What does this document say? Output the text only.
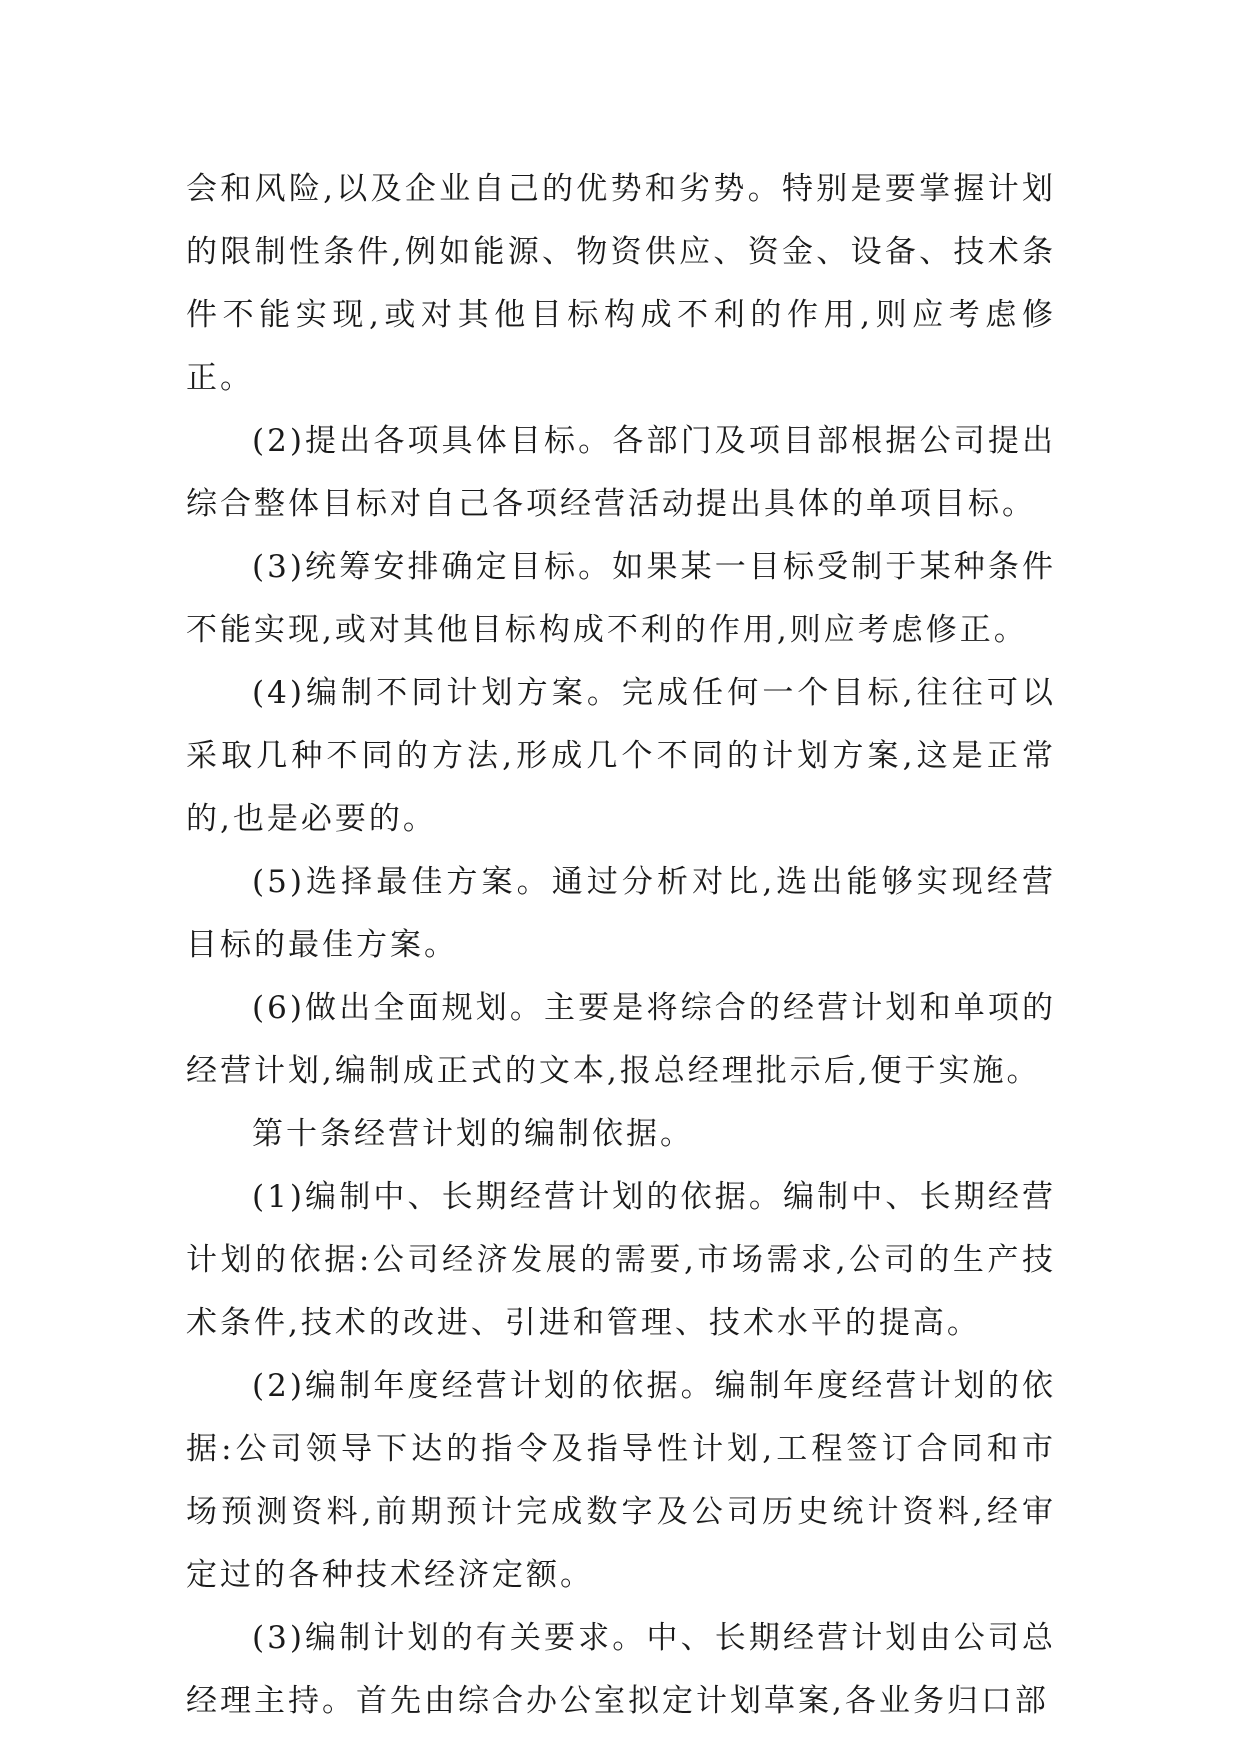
会和风险,以及企业自己的优势和劣势。特别是要掌握计划的限制性条件,例如能源、物资供应、资金、设备、技术条件不能实现,或对其他目标构成不利的作用,则应考虑修正。

(2)提出各项具体目标。各部门及项目部根据公司提出综合整体目标对自己各项经营活动提出具体的单项目标。

(3)统筹安排确定目标。如果某一目标受制于某种条件不能实现,或对其他目标构成不利的作用,则应考虑修正。

(4)编制不同计划方案。完成任何一个目标,往往可以采取几种不同的方法,形成几个不同的计划方案,这是正常的,也是必要的。

(5)选择最佳方案。通过分析对比,选出能够实现经营目标的最佳方案。

(6)做出全面规划。主要是将综合的经营计划和单项的经营计划,编制成正式的文本,报总经理批示后,便于实施。

第十条经营计划的编制依据。

(1)编制中、长期经营计划的依据。编制中、长期经营计划的依据:公司经济发展的需要,市场需求,公司的生产技术条件,技术的改进、引进和管理、技术水平的提高。

(2)编制年度经营计划的依据。编制年度经营计划的依据:公司领导下达的指令及指导性计划,工程签订合同和市场预测资料,前期预计完成数字及公司历史统计资料,经审定过的各种技术经济定额。

(3)编制计划的有关要求。中、长期经营计划由公司总经理主持。首先由综合办公室拟定计划草案,各业务归口部
